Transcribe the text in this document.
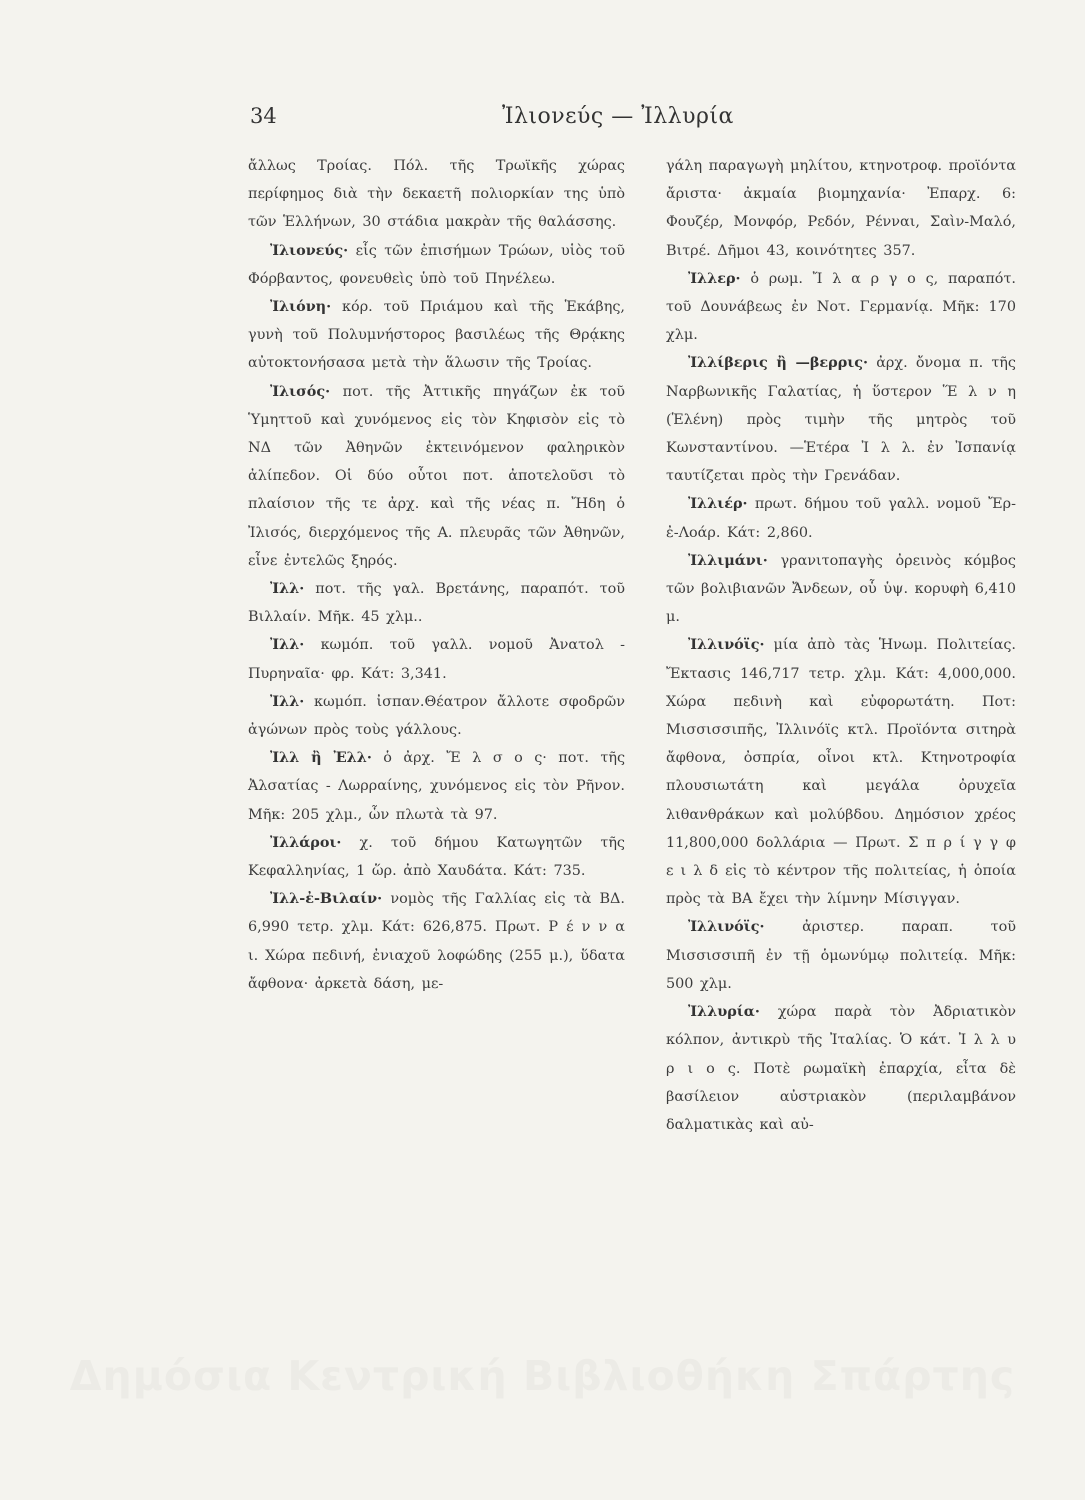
34	Ἰλιονεύς — Ἰλλυρία

ἄλλως Τροίας. Πόλ. τῆς Τρωϊκῆς χώρας περίφημος διὰ τὴν δεκαετῆ πολιορκίαν της ὑπὸ τῶν Ἑλλήνων, 30 στάδια μακρὰν τῆς θαλάσσης.

Ἰλιονεύς· εἷς τῶν ἐπισήμων Τρώων, υἱὸς τοῦ Φόρβαντος, φονευθεὶς ὑπὸ τοῦ Πηνέλεω.

Ἰλιόνη· κόρ. τοῦ Πριάμου καὶ τῆς Ἑκάβης, γυνὴ τοῦ Πολυμνήστορος βασιλέως τῆς Θρᾴκης αὐτοκτονήσασα μετὰ τὴν ἅλωσιν τῆς Τροίας.

Ἰλισός· ποτ. τῆς Ἀττικῆς πηγάζων ἐκ τοῦ Ὑμηττοῦ καὶ χυνόμενος εἰς τὸν Κηφισὸν εἰς τὸ ΝΔ τῶν Ἀθηνῶν ἐκτεινόμενον φαληρικὸν ἀλίπεδον. Οἱ δύο οὗτοι ποτ. ἀποτελοῦσι τὸ πλαίσιον τῆς τε ἀρχ. καὶ τῆς νέας π. Ἤδη ὁ Ἰλισός, διερχόμενος τῆς Α. πλευρᾶς τῶν Ἀθηνῶν, εἶνε ἐντελῶς ξηρός.

Ἰλλ· ποτ. τῆς γαλ. Βρετάνης, παραπότ. τοῦ Βιλλαίν. Μῆκ. 45 χλμ..

Ἰλλ· κωμόπ. τοῦ γαλλ. νομοῦ Ἀνατολ - Πυρηναῖα· φρ. Κάτ: 3,341.

Ἰλλ· κωμόπ. ἰσπαν.Θέατρον ἄλλοτε σφοδρῶν ἀγώνων πρὸς τοὺς γάλλους.

Ἰλλ ἢ Ἐλλ· ὁ ἀρχ. Ἔ λ σ ο ς· ποτ. τῆς Ἀλσατίας - Λωρραίνης, χυνόμενος εἰς τὸν Ρῆνον. Μῆκ: 205 χλμ., ὧν πλωτὰ τὰ 97.

Ἰλλάροι· χ. τοῦ δήμου Κατωγητῶν τῆς Κεφαλληνίας, 1 ὥρ. ἀπὸ Χαυδάτα. Κάτ: 735.

Ἰλλ-ἐ-Βιλαίν· νομὸς τῆς Γαλλίας εἰς τὰ ΒΔ. 6,990 τετρ. χλμ. Κάτ: 626,875. Πρωτ. Ρ έ ν ν α ι. Χώρα πεδινή, ἐνιαχοῦ λοφώδης (255 μ.), ὕδατα ἄφθονα· ἀρκετὰ δάση, με-

γάλη παραγωγὴ μηλίτου, κτηνοτροφ. προϊόντα ἄριστα· ἀκμαία βιομηχανία· Ἐπαρχ. 6: Φουζέρ, Μονφόρ, Ρεδόν, Ρένναι, Σαὶν-Μαλό, Βιτρέ. Δῆμοι 43, κοινότητες 357.

Ἰλλερ· ὁ ρωμ. Ἴ λ α ρ γ ο ς, παραπότ. τοῦ Δουνάβεως ἐν Νοτ. Γερμανίᾳ. Μῆκ: 170 χλμ.

Ἰλλίβερις ἢ —βερρις· ἀρχ. ὄνομα π. τῆς Ναρβωνικῆς Γαλατίας, ἡ ὕστερον Ἕ λ ν η (Ἑλένη) πρὸς τιμὴν τῆς μητρὸς τοῦ Κωνσταντίνου. —Ἑτέρα Ἰ λ λ. ἐν Ἰσπανίᾳ ταυτίζεται πρὸς τὴν Γρενάδαν.

Ἰλλιέρ· πρωτ. δήμου τοῦ γαλλ. νομοῦ Ἔρ-ἐ-Λοάρ. Κάτ: 2,860.

Ἰλλιμάνι· γρανιτοπαγὴς ὀρεινὸς κόμβος τῶν βολιβιανῶν Ἄνδεων, οὗ ὑψ. κορυφὴ 6,410 μ.

Ἰλλινόϊς· μία ἀπὸ τὰς Ἡνωμ. Πολιτείας. Ἔκτασις 146,717 τετρ. χλμ. Κάτ: 4,000,000. Χώρα πεδινὴ καὶ εὐφορωτάτη. Ποτ: Μισσισσιπῆς, Ἰλλινόϊς κτλ. Προϊόντα σιτηρὰ ἄφθονα, ὀσπρία, οἶνοι κτλ. Κτηνοτροφία πλουσιωτάτη καὶ μεγάλα ὀρυχεῖα λιθανθράκων καὶ μολύβδου. Δημόσιον χρέος 11,800,000 δολλάρια — Πρωτ. Σ π ρ ί γ γ φ ε ι λ δ εἰς τὸ κέντρον τῆς πολιτείας, ἡ ὁποία πρὸς τὰ ΒΑ ἔχει τὴν λίμνην Μίσιγγαν.

Ἰλλινόϊς·	ἀριστερ. παραπ. τοῦ Μισσισσιπῆ ἐν τῇ ὁμωνύμῳ πολιτείᾳ. Μῆκ: 500 χλμ.

Ἰλλυρία· χώρα παρὰ τὸν Ἀδριατικὸν κόλπον, ἀντικρὺ τῆς Ἰταλίας. Ὁ κάτ. Ἰ λ λ υ ρ ι ο ς. Ποτὲ ρωμαϊκὴ ἐπαρχία, εἶτα δὲ βασίλειον αὐστριακὸν (περιλαμβάνον δαλματικὰς καὶ αὐ-

Δημόσια Κεντρική Βιβλιοθήκη Σπάρτης
